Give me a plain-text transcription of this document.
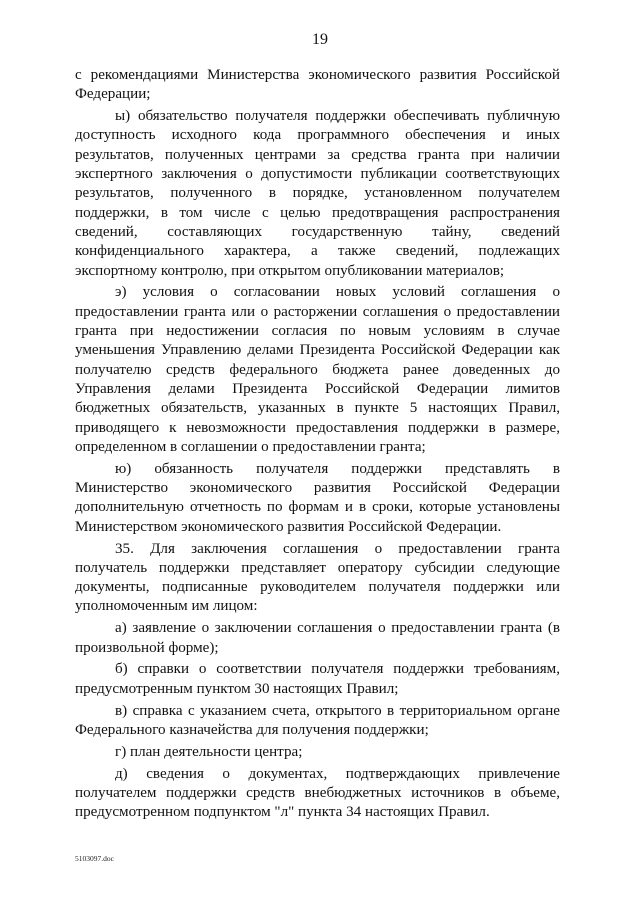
19

с рекомендациями Министерства экономического развития Российской Федерации;

ы) обязательство получателя поддержки обеспечивать публичную доступность исходного кода программного обеспечения и иных результатов, полученных центрами за средства гранта при наличии экспертного заключения о допустимости публикации соответствующих результатов, полученного в порядке, установленном получателем поддержки, в том числе с целью предотвращения распространения сведений, составляющих государственную тайну, сведений конфиденциального характера, а также сведений, подлежащих экспортному контролю, при открытом опубликовании материалов;

э) условия о согласовании новых условий соглашения о предоставлении гранта или о расторжении соглашения о предоставлении гранта при недостижении согласия по новым условиям в случае уменьшения Управлению делами Президента Российской Федерации как получателю средств федерального бюджета ранее доведенных до Управления делами Президента Российской Федерации лимитов бюджетных обязательств, указанных в пункте 5 настоящих Правил, приводящего к невозможности предоставления поддержки в размере, определенном в соглашении о предоставлении гранта;

ю) обязанность получателя поддержки представлять в Министерство экономического развития Российской Федерации дополнительную отчетность по формам и в сроки, которые установлены Министерством экономического развития Российской Федерации.

35. Для заключения соглашения о предоставлении гранта получатель поддержки представляет оператору субсидии следующие документы, подписанные руководителем получателя поддержки или уполномоченным им лицом:

а) заявление о заключении соглашения о предоставлении гранта (в произвольной форме);

б) справки о соответствии получателя поддержки требованиям, предусмотренным пунктом 30 настоящих Правил;

в) справка с указанием счета, открытого в территориальном органе Федерального казначейства для получения поддержки;

г) план деятельности центра;

д) сведения о документах, подтверждающих привлечение получателем поддержки средств внебюджетных источников в объеме, предусмотренном подпунктом "л" пункта 34 настоящих Правил.

5103097.doc
